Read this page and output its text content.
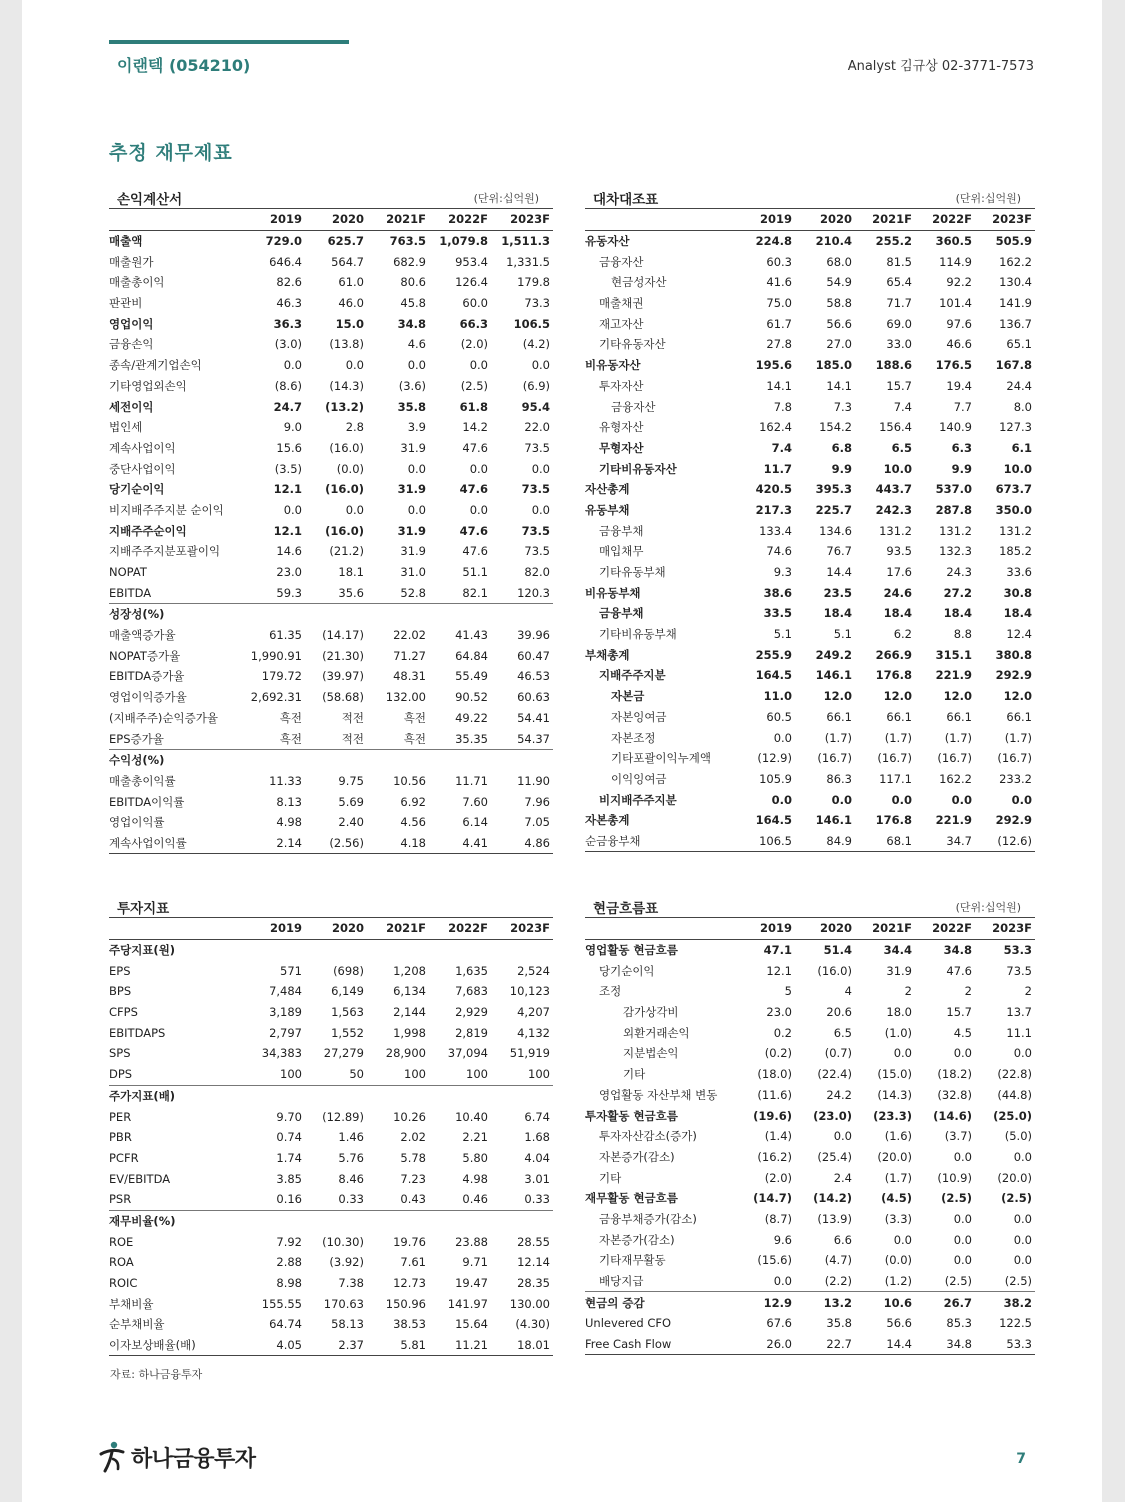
이랜텍 (054210)	Analyst 김규상 02-3771-7573
추정 재무제표
손익계산서	(단위:십억원)
	2019	2020	2021F	2022F	2023F
매출액	729.0	625.7	763.5	1,079.8	1,511.3
매출원가	646.4	564.7	682.9	953.4	1,331.5
매출총이익	82.6	61.0	80.6	126.4	179.8
판관비	46.3	46.0	45.8	60.0	73.3
영업이익	36.3	15.0	34.8	66.3	106.5
금융손익	(3.0)	(13.8)	4.6	(2.0)	(4.2)
종속/관계기업손익	0.0	0.0	0.0	0.0	0.0
기타영업외손익	(8.6)	(14.3)	(3.6)	(2.5)	(6.9)
세전이익	24.7	(13.2)	35.8	61.8	95.4
법인세	9.0	2.8	3.9	14.2	22.0
계속사업이익	15.6	(16.0)	31.9	47.6	73.5
중단사업이익	(3.5)	(0.0)	0.0	0.0	0.0
당기순이익	12.1	(16.0)	31.9	47.6	73.5
비지배주주지분 순이익	0.0	0.0	0.0	0.0	0.0
지배주주순이익	12.1	(16.0)	31.9	47.6	73.5
지배주주지분포괄이익	14.6	(21.2)	31.9	47.6	73.5
NOPAT	23.0	18.1	31.0	51.1	82.0
EBITDA	59.3	35.6	52.8	82.1	120.3
성장성(%)					
매출액증가율	61.35	(14.17)	22.02	41.43	39.96
NOPAT증가율	1,990.91	(21.30)	71.27	64.84	60.47
EBITDA증가율	179.72	(39.97)	48.31	55.49	46.53
영업이익증가율	2,692.31	(58.68)	132.00	90.52	60.63
(지배주주)순익증가율	흑전	적전	흑전	49.22	54.41
EPS증가율	흑전	적전	흑전	35.35	54.37
수익성(%)					
매출총이익률	11.33	9.75	10.56	11.71	11.90
EBITDA이익률	8.13	5.69	6.92	7.60	7.96
영업이익률	4.98	2.40	4.56	6.14	7.05
계속사업이익률	2.14	(2.56)	4.18	4.41	4.86
대차대조표	(단위:십억원)
	2019	2020	2021F	2022F	2023F
유동자산	224.8	210.4	255.2	360.5	505.9
금융자산	60.3	68.0	81.5	114.9	162.2
현금성자산	41.6	54.9	65.4	92.2	130.4
매출채권	75.0	58.8	71.7	101.4	141.9
재고자산	61.7	56.6	69.0	97.6	136.7
기타유동자산	27.8	27.0	33.0	46.6	65.1
비유동자산	195.6	185.0	188.6	176.5	167.8
투자자산	14.1	14.1	15.7	19.4	24.4
금융자산	7.8	7.3	7.4	7.7	8.0
유형자산	162.4	154.2	156.4	140.9	127.3
무형자산	7.4	6.8	6.5	6.3	6.1
기타비유동자산	11.7	9.9	10.0	9.9	10.0
자산총계	420.5	395.3	443.7	537.0	673.7
유동부채	217.3	225.7	242.3	287.8	350.0
금융부채	133.4	134.6	131.2	131.2	131.2
매입채무	74.6	76.7	93.5	132.3	185.2
기타유동부채	9.3	14.4	17.6	24.3	33.6
비유동부채	38.6	23.5	24.6	27.2	30.8
금융부채	33.5	18.4	18.4	18.4	18.4
기타비유동부채	5.1	5.1	6.2	8.8	12.4
부채총계	255.9	249.2	266.9	315.1	380.8
지배주주지분	164.5	146.1	176.8	221.9	292.9
자본금	11.0	12.0	12.0	12.0	12.0
자본잉여금	60.5	66.1	66.1	66.1	66.1
자본조정	0.0	(1.7)	(1.7)	(1.7)	(1.7)
기타포괄이익누계액	(12.9)	(16.7)	(16.7)	(16.7)	(16.7)
이익잉여금	105.9	86.3	117.1	162.2	233.2
비지배주주지분	0.0	0.0	0.0	0.0	0.0
자본총계	164.5	146.1	176.8	221.9	292.9
순금융부채	106.5	84.9	68.1	34.7	(12.6)
투자지표
	2019	2020	2021F	2022F	2023F
주당지표(원)					
EPS	571	(698)	1,208	1,635	2,524
BPS	7,484	6,149	6,134	7,683	10,123
CFPS	3,189	1,563	2,144	2,929	4,207
EBITDAPS	2,797	1,552	1,998	2,819	4,132
SPS	34,383	27,279	28,900	37,094	51,919
DPS	100	50	100	100	100
주가지표(배)					
PER	9.70	(12.89)	10.26	10.40	6.74
PBR	0.74	1.46	2.02	2.21	1.68
PCFR	1.74	5.76	5.78	5.80	4.04
EV/EBITDA	3.85	8.46	7.23	4.98	3.01
PSR	0.16	0.33	0.43	0.46	0.33
재무비율(%)					
ROE	7.92	(10.30)	19.76	23.88	28.55
ROA	2.88	(3.92)	7.61	9.71	12.14
ROIC	8.98	7.38	12.73	19.47	28.35
부채비율	155.55	170.63	150.96	141.97	130.00
순부채비율	64.74	58.13	38.53	15.64	(4.30)
이자보상배율(배)	4.05	2.37	5.81	11.21	18.01
현금흐름표	(단위:십억원)
	2019	2020	2021F	2022F	2023F
영업활동 현금흐름	47.1	51.4	34.4	34.8	53.3
당기순이익	12.1	(16.0)	31.9	47.6	73.5
조정	5	4	2	2	2
감가상각비	23.0	20.6	18.0	15.7	13.7
외환거래손익	0.2	6.5	(1.0)	4.5	11.1
지분법손익	(0.2)	(0.7)	0.0	0.0	0.0
기타	(18.0)	(22.4)	(15.0)	(18.2)	(22.8)
영업활동 자산부채 변동	(11.6)	24.2	(14.3)	(32.8)	(44.8)
투자활동 현금흐름	(19.6)	(23.0)	(23.3)	(14.6)	(25.0)
투자자산감소(증가)	(1.4)	0.0	(1.6)	(3.7)	(5.0)
자본증가(감소)	(16.2)	(25.4)	(20.0)	0.0	0.0
기타	(2.0)	2.4	(1.7)	(10.9)	(20.0)
재무활동 현금흐름	(14.7)	(14.2)	(4.5)	(2.5)	(2.5)
금융부채증가(감소)	(8.7)	(13.9)	(3.3)	0.0	0.0
자본증가(감소)	9.6	6.6	0.0	0.0	0.0
기타재무활동	(15.6)	(4.7)	(0.0)	0.0	0.0
배당지급	0.0	(2.2)	(1.2)	(2.5)	(2.5)
현금의 증감	12.9	13.2	10.6	26.7	38.2
Unlevered CFO	67.6	35.8	56.6	85.3	122.5
Free Cash Flow	26.0	22.7	14.4	34.8	53.3
자료: 하나금융투자
하나금융투자	7
